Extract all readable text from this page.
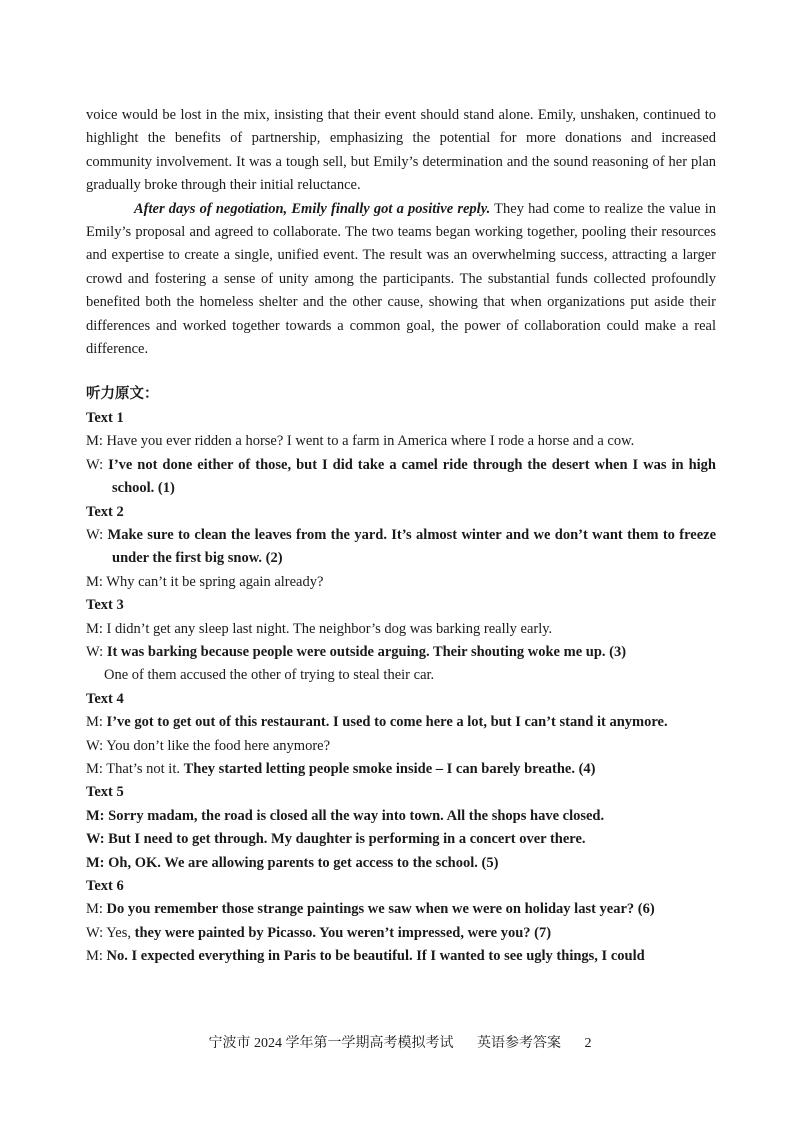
voice would be lost in the mix, insisting that their event should stand alone. Emily, unshaken, continued to highlight the benefits of partnership, emphasizing the potential for more donations and increased community involvement. It was a tough sell, but Emily’s determination and the sound reasoning of her plan gradually broke through their initial reluctance.

After days of negotiation, Emily finally got a positive reply. They had come to realize the value in Emily’s proposal and agreed to collaborate. The two teams began working together, pooling their resources and expertise to create a single, unified event. The result was an overwhelming success, attracting a larger crowd and fostering a sense of unity among the participants. The substantial funds collected profoundly benefited both the homeless shelter and the other cause, showing that when organizations put aside their differences and worked together towards a common goal, the power of collaboration could make a real difference.

听力原文：

Text 1

M: Have you ever ridden a horse? I went to a farm in America where I rode a horse and a cow.

W: I’ve not done either of those, but I did take a camel ride through the desert when I was in high school. (1)

Text 2

W: Make sure to clean the leaves from the yard. It’s almost winter and we don’t want them to freeze under the first big snow. (2)

M: Why can’t it be spring again already?

Text 3

M: I didn’t get any sleep last night. The neighbor’s dog was barking really early.

W: It was barking because people were outside arguing. Their shouting woke me up. (3)

One of them accused the other of trying to steal their car.

Text 4

M: I’ve got to get out of this restaurant. I used to come here a lot, but I can’t stand it anymore.

W: You don’t like the food here anymore?

M: That’s not it. They started letting people smoke inside – I can barely breathe. (4)

Text 5

M: Sorry madam, the road is closed all the way into town. All the shops have closed.

W: But I need to get through. My daughter is performing in a concert over there.

M: Oh, OK. We are allowing parents to get access to the school. (5)

Text 6

M: Do you remember those strange paintings we saw when we were on holiday last year? (6)

W: Yes, they were painted by Picasso. You weren’t impressed, were you? (7)

M: No. I expected everything in Paris to be beautiful. If I wanted to see ugly things, I could

宁波市 2024 学年第一学期高考模拟考试 英语参考答案 2
